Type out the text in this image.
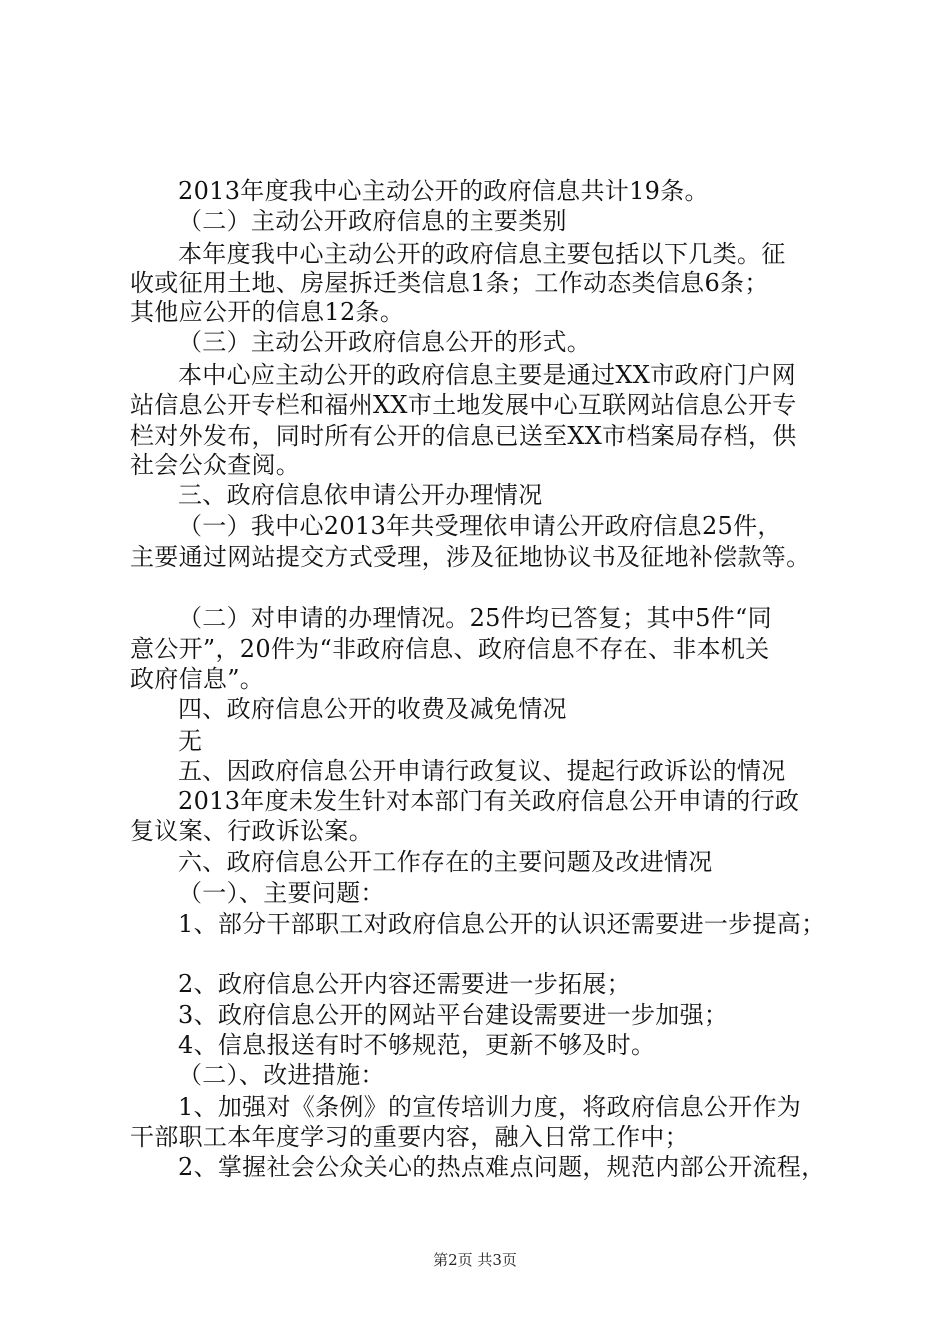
2013年度我中心主动公开的政府信息共计19条。
（二）主动公开政府信息的主要类别
本年度我中心主动公开的政府信息主要包括以下几类。征
收或征用土地、房屋拆迁类信息1条；工作动态类信息6条；
其他应公开的信息12条。
（三）主动公开政府信息公开的形式。
本中心应主动公开的政府信息主要是通过XX市政府门户网
站信息公开专栏和福州XX市土地发展中心互联网站信息公开专
栏对外发布，同时所有公开的信息已送至XX市档案局存档，供
社会公众查阅。
三、政府信息依申请公开办理情况
（一）我中心2013年共受理依申请公开政府信息25件，
主要通过网站提交方式受理，涉及征地协议书及征地补偿款等。
（二）对申请的办理情况。25件均已答复；其中5件“同
意公开”，20件为“非政府信息、政府信息不存在、非本机关
政府信息”。
四、政府信息公开的收费及减免情况
无
五、因政府信息公开申请行政复议、提起行政诉讼的情况
2013年度未发生针对本部门有关政府信息公开申请的行政
复议案、行政诉讼案。
六、政府信息公开工作存在的主要问题及改进情况
（一）、主要问题：
1、部分干部职工对政府信息公开的认识还需要进一步提高；
2、政府信息公开内容还需要进一步拓展；
3、政府信息公开的网站平台建设需要进一步加强；
4、信息报送有时不够规范，更新不够及时。
（二）、改进措施：
1、加强对《条例》的宣传培训力度，将政府信息公开作为
干部职工本年度学习的重要内容，融入日常工作中；
2、掌握社会公众关心的热点难点问题，规范内部公开流程，
第2页 共3页
